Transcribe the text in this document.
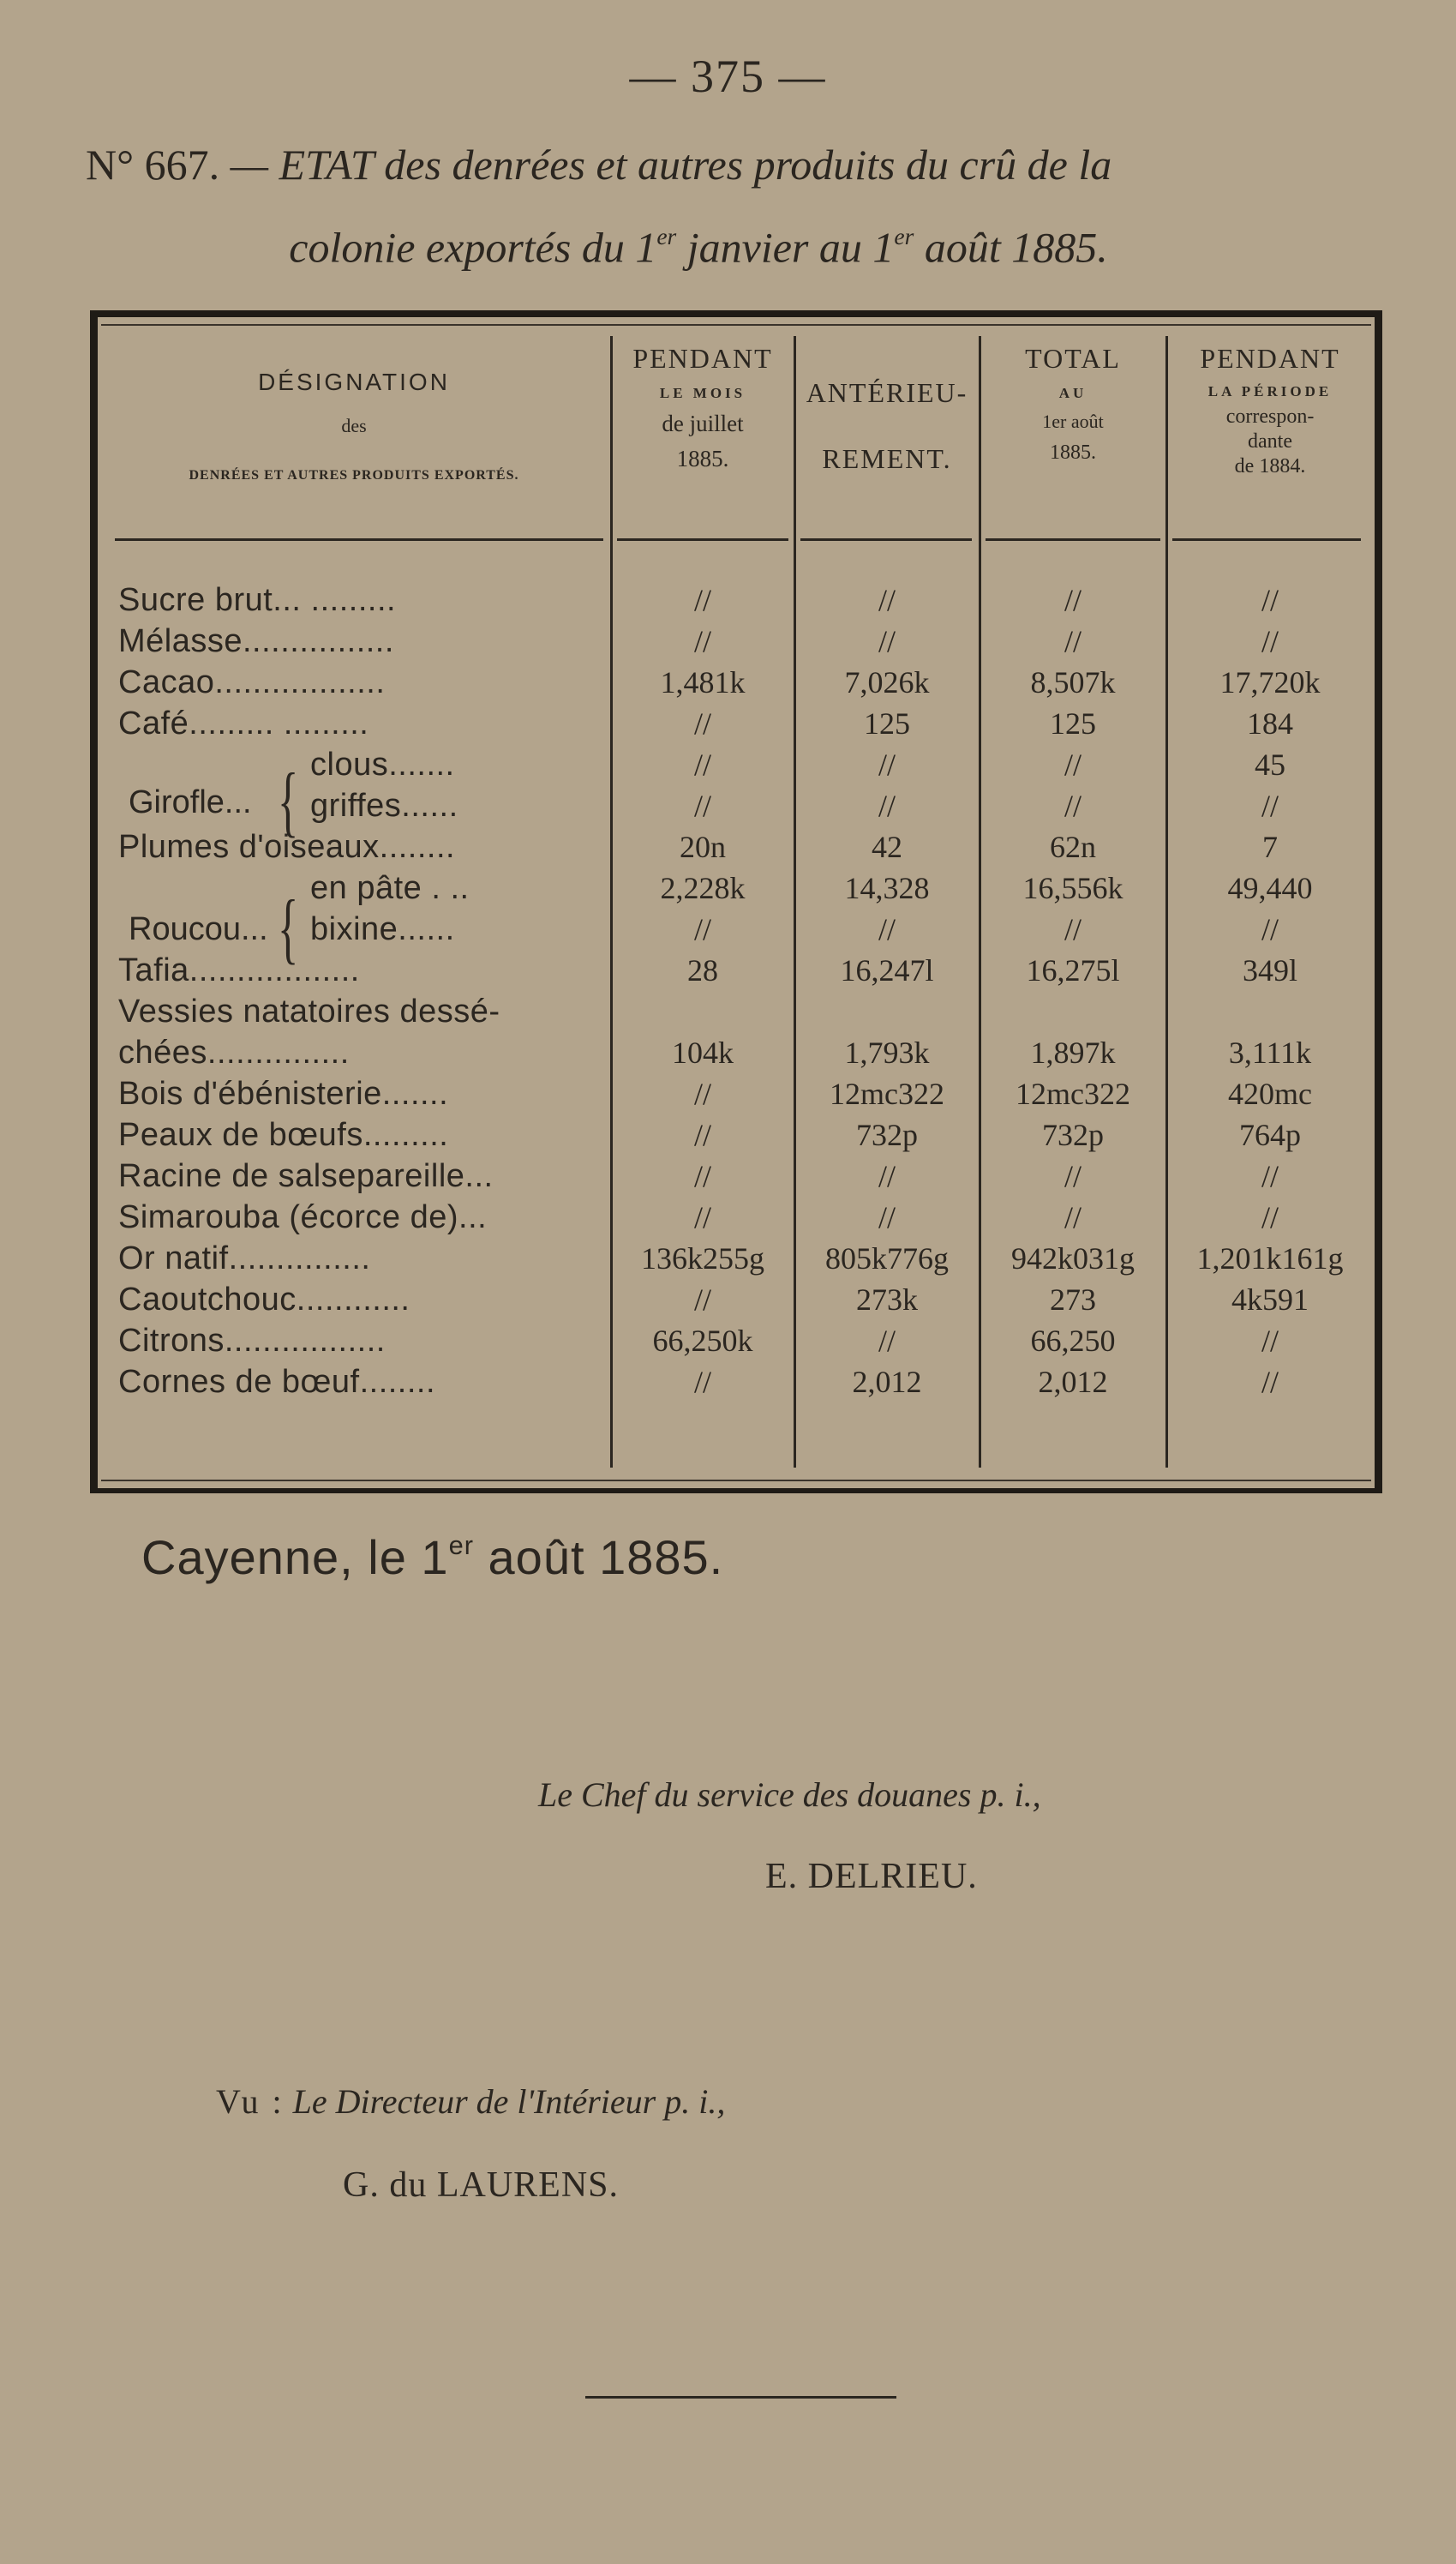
— 375 —
N° 667. — ETAT des denrées et autres produits du crû de la
colonie exportés du 1er janvier au 1er août 1885.
DÉSIGNATION
des
DENRÉES ET AUTRES PRODUITS EXPORTÉS.
PENDANT
LE MOIS
de juillet
1885.
ANTÉRIEU-
REMENT.
TOTAL
AU
1er août
1885.
PENDANT
LA PÉRIODE
correspon-
dante
de 1884.
Girofle... {
Roucou... {
Sucre brut... .........	//	//	//	//
Mélasse................	//	//	//	//
Cacao..................	1,481k	7,026k	8,507k	17,720k
Café......... .........	//	125	125	184
clous.......	//	//	//	45
griffes......	//	//	//	//
Plumes d'oiseaux........	20n	42	62n	7
en pâte . ..	2,228k	14,328	16,556k	49,440
bixine......	//	//	//	//
Tafia..................	28	16,247l	16,275l	349l
Vessies natatoires dessé-
chées...............	104k	1,793k	1,897k	3,111k
Bois d'ébénisterie.......	//	12mc322	12mc322	420mc
Peaux de bœufs.........	//	732p	732p	764p
Racine de salsepareille...	//	//	//	//
Simarouba (écorce de)...	//	//	//	//
Or natif...............	136k255g	805k776g	942k031g	1,201k161g
Caoutchouc............	//	273k	273	4k591
Citrons.................	66,250k	//	66,250	//
Cornes de bœuf........	//	2,012	2,012	//
Cayenne, le 1er août 1885.
Le Chef du service des douanes p. i.,
E. DELRIEU.
Vu : Le Directeur de l'Intérieur p. i.,
G. du LAURENS.
